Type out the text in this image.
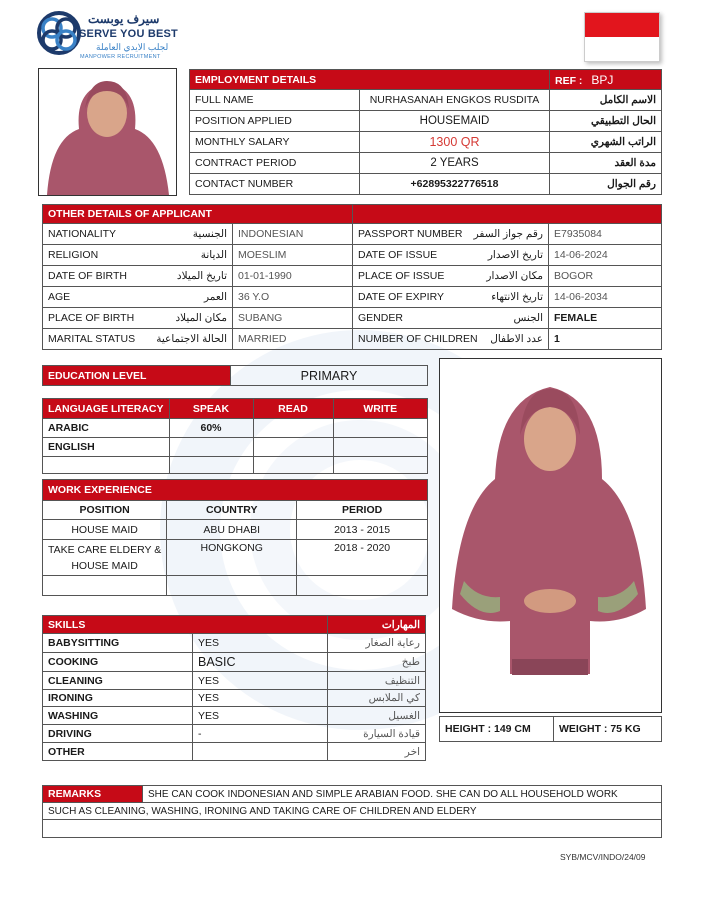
سيرف يوبست
SERVE YOU BEST
لجلب الايدي العاملة
MANPOWER RECRUITMENT
EMPLOYMENT DETAILS		REF : BPJ
FULL NAME	NURHASANAH ENGKOS RUSDITA	الاسم الكامل
POSITION APPLIED	HOUSEMAID	الحال التطبيقي
MONTHLY SALARY	1300 QR	الراتب الشهري
CONTRACT PERIOD	2 YEARS	مدة العقد
CONTACT NUMBER	+62895322776518	رقم الجوال
OTHER DETAILS OF APPLICANT			
NATIONALITY الجنسية	INDONESIAN	PASSPORT NUMBER رقم جواز السفر	E7935084
RELIGION الديانة	MOESLIM	DATE OF ISSUE تاريخ الاصدار	14-06-2024
DATE OF BIRTH تاريخ الميلاد	01-01-1990	PLACE OF ISSUE مكان الاصدار	BOGOR
AGE العمر	36 Y.O	DATE OF EXPIRY تاريخ الانتهاء	14-06-2034
PLACE OF BIRTH مكان الميلاد	SUBANG	GENDER الجنس	FEMALE
MARITAL STATUS الحالة الاجتماعية	MARRIED	NUMBER OF CHILDREN عدد الاطفال	1
EDUCATION LEVEL	PRIMARY
LANGUAGE LITERACY	SPEAK	READ	WRITE
ARABIC	60%		
ENGLISH			

WORK EXPERIENCE		
POSITION	COUNTRY	PERIOD
HOUSE MAID	ABU DHABI	2013 - 2015

TAKE CARE ELDERY &
HOUSE MAID	HONGKONG	2018 - 2020

SKILLS		المهارات
BABYSITTING	YES	رعاية الصغار
COOKING	BASIC	طبخ
CLEANING	YES	التنظيف
IRONING	YES	كي الملابس
WASHING	YES	الغسيل
DRIVING	-	قيادة السيارة
OTHER		اخر
HEIGHT : 149 CM	WEIGHT : 75 KG
REMARKS	SHE CAN COOK INDONESIAN AND SIMPLE ARABIAN FOOD. SHE CAN DO ALL HOUSEHOLD WORK
SUCH AS CLEANING, WASHING, IRONING AND TAKING CARE OF CHILDREN AND ELDERY

SYB/MCV/INDO/24/09
